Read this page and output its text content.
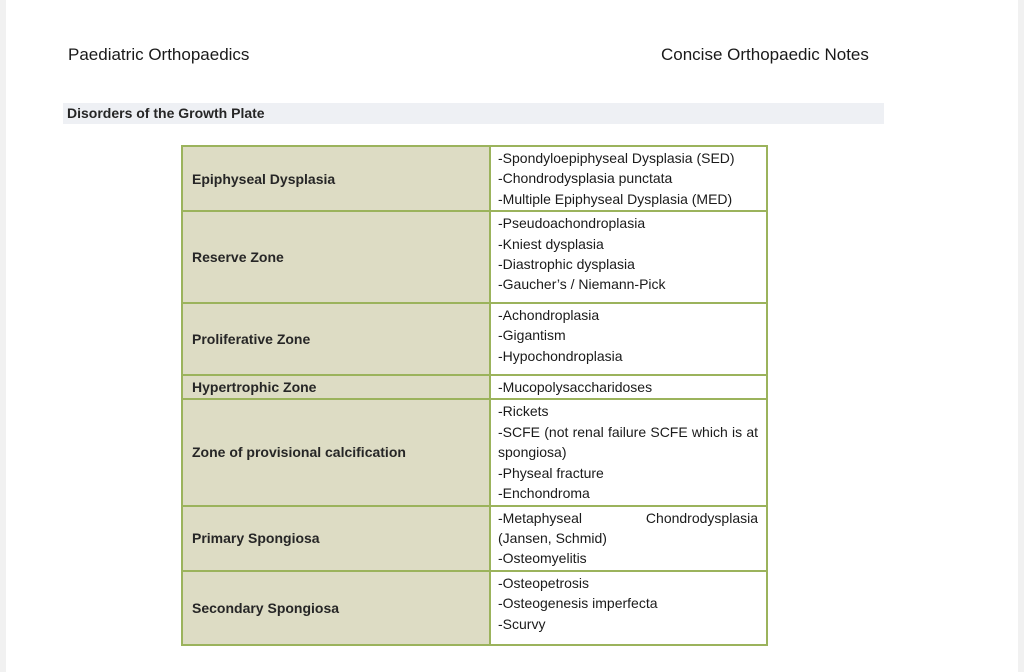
Paediatric Orthopaedics	Concise Orthopaedic Notes
Disorders of the Growth Plate
Epiphyseal Dysplasia	-Spondyloepiphyseal Dysplasia (SED)
-Chondrodysplasia punctata
-Multiple Epiphyseal Dysplasia (MED)

Reserve Zone	-Pseudoachondroplasia
-Kniest dysplasia
-Diastrophic dysplasia
-Gaucher’s / Niemann-Pick

Proliferative Zone	-Achondroplasia
-Gigantism
-Hypochondroplasia

Hypertrophic Zone	-Mucopolysaccharidoses

Zone of provisional calcification	-Rickets
-SCFE (not renal failure SCFE which is at
spongiosa)
-Physeal fracture
-Enchondroma

Primary Spongiosa	-Metaphyseal Chondrodysplasia
(Jansen, Schmid)
-Osteomyelitis

Secondary Spongiosa	-Osteopetrosis
-Osteogenesis imperfecta
-Scurvy
